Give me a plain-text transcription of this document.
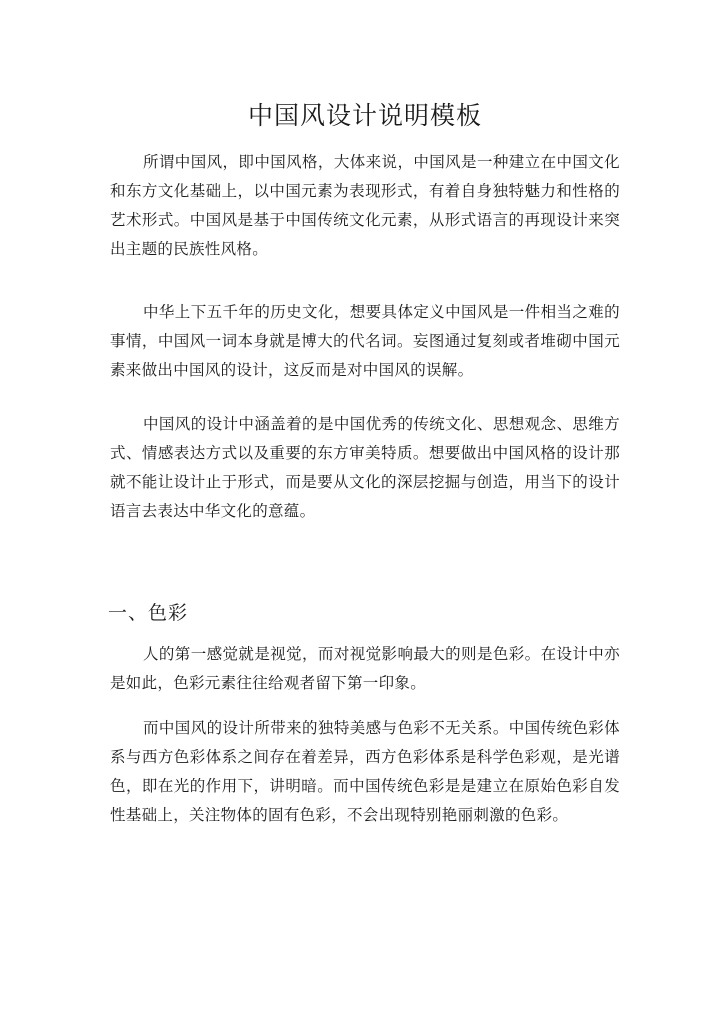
中国风设计说明模板

所谓中国风，即中国风格，大体来说，中国风是一种建立在中国文化和东方文化基础上，以中国元素为表现形式，有着自身独特魅力和性格的艺术形式。中国风是基于中国传统文化元素，从形式语言的再现设计来突出主题的民族性风格。

中华上下五千年的历史文化，想要具体定义中国风是一件相当之难的事情，中国风一词本身就是博大的代名词。妄图通过复刻或者堆砌中国元素来做出中国风的设计，这反而是对中国风的误解。

中国风的设计中涵盖着的是中国优秀的传统文化、思想观念、思维方式、情感表达方式以及重要的东方审美特质。想要做出中国风格的设计那就不能让设计止于形式，而是要从文化的深层挖掘与创造，用当下的设计语言去表达中华文化的意蕴。

一、色彩

人的第一感觉就是视觉，而对视觉影响最大的则是色彩。在设计中亦是如此，色彩元素往往给观者留下第一印象。

而中国风的设计所带来的独特美感与色彩不无关系。中国传统色彩体系与西方色彩体系之间存在着差异，西方色彩体系是科学色彩观，是光谱色，即在光的作用下，讲明暗。而中国传统色彩是是建立在原始色彩自发性基础上，关注物体的固有色彩，不会出现特别艳丽刺激的色彩。
